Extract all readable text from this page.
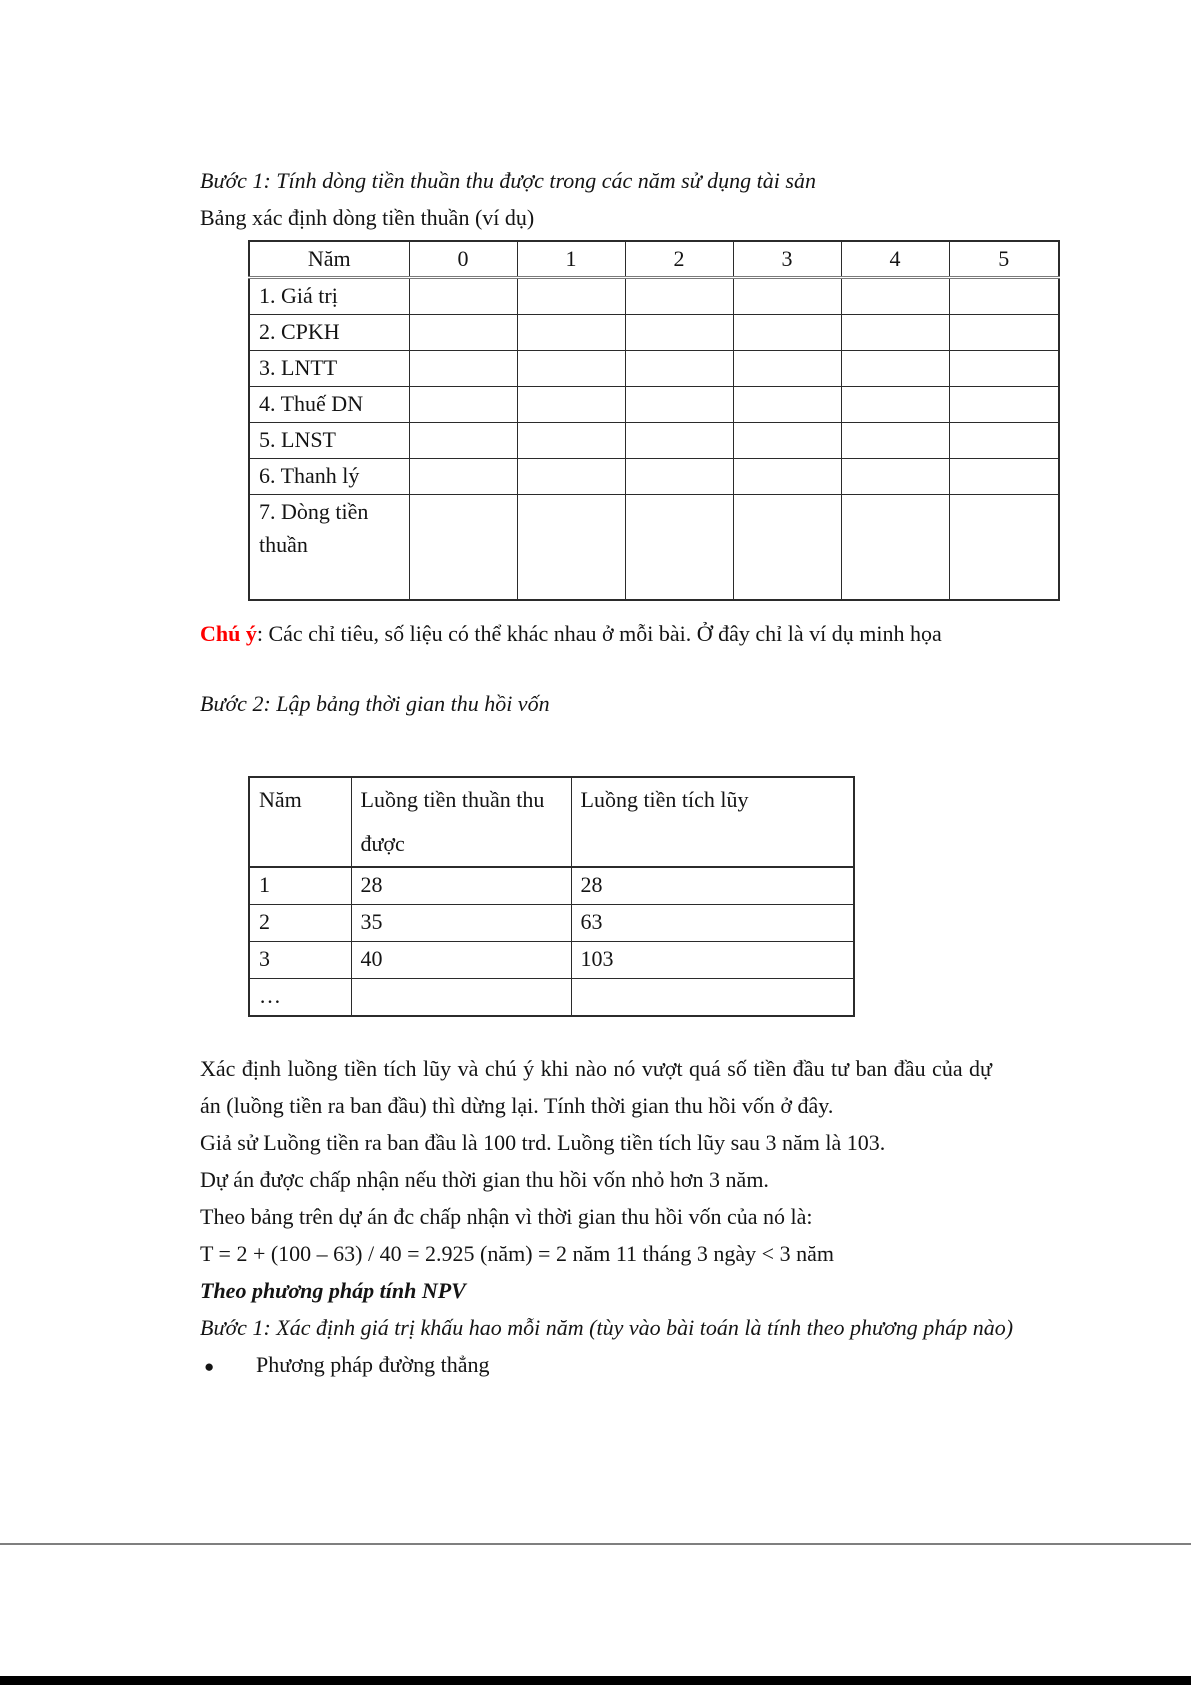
Bước 1: Tính dòng tiền thuần thu được trong các năm sử dụng tài sản
Bảng xác định dòng tiền thuần (ví dụ)
Năm	0	1	2	3	4	5
1. Giá trị						
2. CPKH						
3. LNTT						
4. Thuế DN						
5. LNST						
6. Thanh lý						
7. Dòng tiền thuần						
Chú ý: Các chỉ tiêu, số liệu có thể khác nhau ở mỗi bài. Ở đây chỉ là ví dụ minh họa
Bước 2: Lập bảng thời gian thu hồi vốn
Năm	Luồng tiền thuần thu được	Luồng tiền tích lũy
1	28	28
2	35	63
3	40	103
…		
Xác định luồng tiền tích lũy và chú ý khi nào nó vượt quá số tiền đầu tư ban đầu của dự án (luồng tiền ra ban đầu) thì dừng lại. Tính thời gian thu hồi vốn ở đây.
Giả sử Luồng tiền ra ban đầu là 100 trd. Luồng tiền tích lũy sau 3 năm là 103.
Dự án được chấp nhận nếu thời gian thu hồi vốn nhỏ hơn 3 năm.
Theo bảng trên dự án đc chấp nhận vì thời gian thu hồi vốn của nó là:
T = 2 + (100 – 63) / 40 = 2.925 (năm) = 2 năm 11 tháng 3 ngày < 3 năm
Theo phương pháp tính NPV
Bước 1: Xác định giá trị khấu hao mỗi năm (tùy vào bài toán là tính theo phương pháp nào)
●	Phương pháp đường thẳng
